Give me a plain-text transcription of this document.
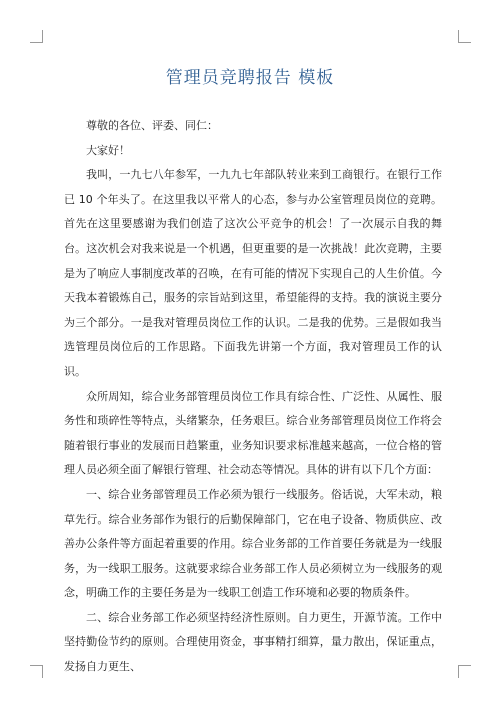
管理员竞聘报告 模板

尊敬的各位、评委、同仁：

大家好！

我叫，一九七八年参军，一九九七年部队转业来到工商银行。在银行工作已 10 个年头了。在这里我以平常人的心态，参与办公室管理员岗位的竞聘。首先在这里要感谢为我们创造了这次公平竞争的机会！了一次展示自我的舞台。这次机会对我来说是一个机遇，但更重要的是一次挑战！此次竞聘，主要是为了响应人事制度改革的召唤，在有可能的情况下实现自己的人生价值。今天我本着锻炼自己，服务的宗旨站到这里，希望能得的支持。我的演说主要分为三个部分。一是我对管理员岗位工作的认识。二是我的优势。三是假如我当选管理员岗位后的工作思路。下面我先讲第一个方面，我对管理员工作的认识。

众所周知，综合业务部管理员岗位工作具有综合性、广泛性、从属性、服务性和琐碎性等特点，头绪繁杂，任务艰巨。综合业务部管理员岗位工作将会随着银行事业的发展而日趋繁重，业务知识要求标准越来越高，一位合格的管理人员必须全面了解银行管理、社会动态等情况。具体的讲有以下几个方面：

一、综合业务部管理员工作必须为银行一线服务。俗话说，大军未动，粮草先行。综合业务部作为银行的后勤保障部门，它在电子设备、物质供应、改善办公条件等方面起着重要的作用。综合业务部的工作首要任务就是为一线服务，为一线职工服务。这就要求综合业务部工作人员必须树立为一线服务的观念，明确工作的主要任务是为一线职工创造工作环境和必要的物质条件。

二、综合业务部工作必须坚持经济性原则。自力更生，开源节流。工作中坚持勤俭节约的原则。合理使用资金，事事精打细算，量力散出，保证重点，发扬自力更生、
